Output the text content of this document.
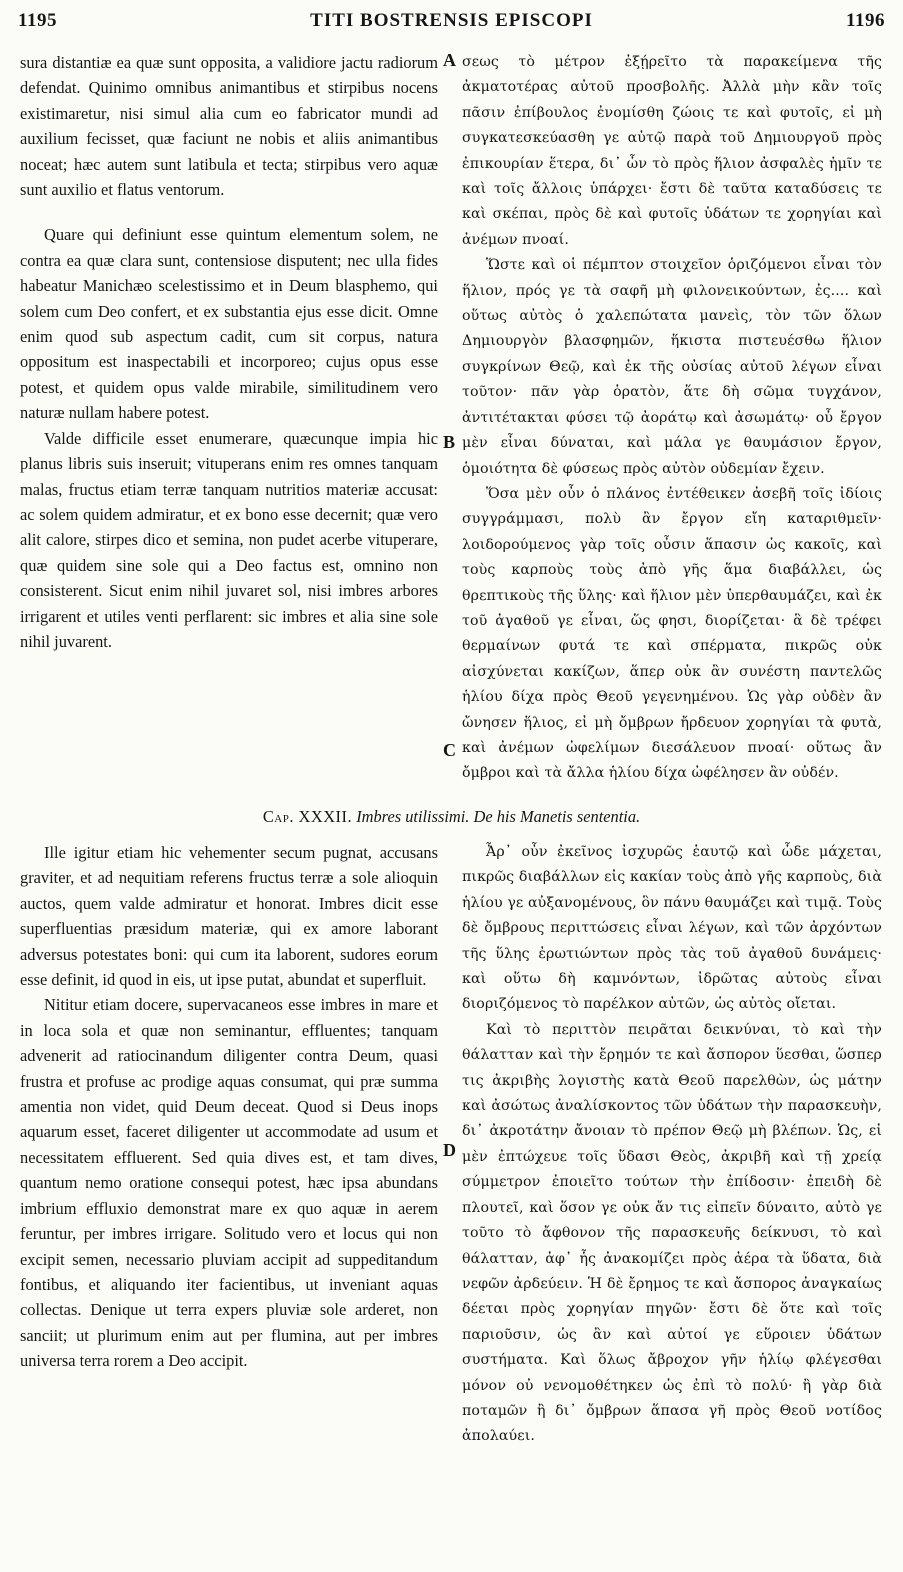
1195	TITI BOSTRENSIS EPISCOPI	1196
A
B
C
D

sura distantiæ ea quæ sunt opposita, a validiore jactu radiorum defendat. Quinimo omnibus animantibus et stirpibus nocens existimaretur, nisi simul alia cum eo fabricator mundi ad auxilium fecisset, quæ faciunt ne nobis et aliis animantibus noceat; hæc autem sunt latibula et tecta; stirpibus vero aquæ sunt auxilio et flatus ventorum.

Quare qui definiunt esse quintum elementum solem, ne contra ea quæ clara sunt, contensiose disputent; nec ulla fides habeatur Manichæo scelestissimo et in Deum blasphemo, qui solem cum Deo confert, et ex substantia ejus esse dicit. Omne enim quod sub aspectum cadit, cum sit corpus, natura oppositum est inaspectabili et incorporeo; cujus opus esse potest, et quidem opus valde mirabile, similitudinem vero naturæ nullam habere potest.

Valde difficile esset enumerare, quæcunque impia hic planus libris suis inseruit; vituperans enim res omnes tanquam malas, fructus etiam terræ tanquam nutritios materiæ accusat: ac solem quidem admiratur, et ex bono esse decernit; quæ vero alit calore, stirpes dico et semina, non pudet acerbe vituperare, quæ quidem sine sole qui a Deo factus est, omnino non consisterent. Sicut enim nihil juvaret sol, nisi imbres arbores irrigarent et utiles venti perflarent: sic imbres et alia sine sole nihil juvarent.

σεως τὸ μέτρον ἐξῄρεῖτο τὰ παρακείμενα τῆς ἀκματοτέρας αὐτοῦ προσβολῆς. Ἀλλὰ μὴν κἂν τοῖς πᾶσιν ἐπίβουλος ἐνομίσθη ζώοις τε καὶ φυτοῖς, εἰ μὴ συγκατεσκεύασθη γε αὐτῷ παρὰ τοῦ Δημιουργοῦ πρὸς ἐπικουρίαν ἕτερα, δι᾽ ὧν τὸ πρὸς ἥλιον ἀσφαλὲς ἡμῖν τε καὶ τοῖς ἄλλοις ὑπάρχει· ἔστι δὲ ταῦτα καταδύσεις τε καὶ σκέπαι, πρὸς δὲ καὶ φυτοῖς ὑδάτων τε χορηγίαι καὶ ἀνέμων πνοαί.

Ὥστε καὶ οἱ πέμπτον στοιχεῖον ὁριζόμενοι εἶναι τὸν ἥλιον, πρός γε τὰ σαφῆ μὴ φιλονεικούντων, ἐς.... καὶ οὕτως αὐτὸς ὁ χαλεπώτατα μανεὶς, τὸν τῶν ὅλων Δημιουργὸν βλασφημῶν, ἥκιστα πιστευέσθω ἥλιον συγκρίνων Θεῷ, καὶ ἐκ τῆς οὐσίας αὐτοῦ λέγων εἶναι τοῦτον· πᾶν γὰρ ὁρατὸν, ἅτε δὴ σῶμα τυγχάνον, ἀντιτέτακται φύσει τῷ ἀοράτῳ καὶ ἀσωμάτῳ· οὗ ἔργον μὲν εἶναι δύναται, καὶ μάλα γε θαυμάσιον ἔργον, ὁμοιότητα δὲ φύσεως πρὸς αὐτὸν οὐδεμίαν ἔχειν.

Ὅσα μὲν οὖν ὁ πλάνος ἐντέθεικεν ἀσεβῆ τοῖς ἰδίοις συγγράμμασι, πολὺ ἂν ἔργον εἴη καταριθμεῖν· λοιδορούμενος γὰρ τοῖς οὖσιν ἅπασιν ὡς κακοῖς, καὶ τοὺς καρποὺς τοὺς ἀπὸ γῆς ἅμα διαβάλλει, ὡς θρεπτικοὺς τῆς ὕλης· καὶ ἥλιον μὲν ὑπερθαυμάζει, καὶ ἐκ τοῦ ἀγαθοῦ γε εἶναι, ὥς φησι, διορίζεται· ἃ δὲ τρέφει θερμαίνων φυτά τε καὶ σπέρματα, πικρῶς οὐκ αἰσχύνεται κακίζων, ἅπερ οὐκ ἂν συνέστη παντελῶς ἡλίου δίχα πρὸς Θεοῦ γεγενημένου. Ὡς γὰρ οὐδὲν ἂν ὤνησεν ἥλιος, εἰ μὴ ὄμβρων ἤρδευον χορηγίαι τὰ φυτὰ, καὶ ἀνέμων ὠφελίμων διεσάλευον πνοαί· οὕτως ἂν ὄμβροι καὶ τὰ ἄλλα ἡλίου δίχα ὠφέλησεν ἂν οὐδέν.

Cap. XXXII. Imbres utilissimi. De his Manetis sententia.

Ille igitur etiam hic vehementer secum pugnat, accusans graviter, et ad nequitiam referens fructus terræ a sole alioquin auctos, quem valde admiratur et honorat. Imbres dicit esse superfluentias præsidum materiæ, qui ex amore laborant adversus potestates boni: qui cum ita laborent, sudores eorum esse definit, id quod in eis, ut ipse putat, abundat et superfluit.

Nititur etiam docere, supervacaneos esse imbres in mare et in loca sola et quæ non seminantur, effluentes; tanquam advenerit ad ratiocinandum diligenter contra Deum, quasi frustra et profuse ac prodige aquas consumat, qui præ summa amentia non videt, quid Deum deceat. Quod si Deus inops aquarum esset, faceret diligenter ut accommodate ad usum et necessitatem effluerent. Sed quia dives est, et tam dives, quantum nemo oratione consequi potest, hæc ipsa abundans imbrium effluxio demonstrat mare ex quo aquæ in aerem feruntur, per imbres irrigare. Solitudo vero et locus qui non excipit semen, necessario pluviam accipit ad suppeditandum fontibus, et aliquando iter facientibus, ut inveniant aquas collectas. Denique ut terra expers pluviæ sole arderet, non sanciit; ut plurimum enim aut per flumina, aut per imbres universa terra rorem a Deo accipit.

Ἆρ᾽ οὖν ἐκεῖνος ἰσχυρῶς ἑαυτῷ καὶ ὧδε μάχεται, πικρῶς διαβάλλων εἰς κακίαν τοὺς ἀπὸ γῆς καρποὺς, διὰ ἡλίου γε αὐξανομένους, ὃν πάνυ θαυμάζει καὶ τιμᾷ. Τοὺς δὲ ὄμβρους περιττώσεις εἶναι λέγων, καὶ τῶν ἀρχόντων τῆς ὕλης ἐρωτιώντων πρὸς τὰς τοῦ ἀγαθοῦ δυνάμεις· καὶ οὕτω δὴ καμνόντων, ἱδρῶτας αὐτοὺς εἶναι διοριζόμενος τὸ παρέλκον αὐτῶν, ὡς αὐτὸς οἴεται.

Καὶ τὸ περιττὸν πειρᾶται δεικνύναι, τὸ καὶ τὴν θάλατταν καὶ τὴν ἔρημόν τε καὶ ἄσπορον ὕεσθαι, ὥσπερ τις ἀκριβὴς λογιστὴς κατὰ Θεοῦ παρελθὼν, ὡς μάτην καὶ ἀσώτως ἀναλίσκοντος τῶν ὑδάτων τὴν παρασκευὴν, δι᾽ ἀκροτάτην ἄνοιαν τὸ πρέπον Θεῷ μὴ βλέπων. Ὡς, εἰ μὲν ἐπτώχευε τοῖς ὕδασι Θεὸς, ἀκριβῆ καὶ τῇ χρείᾳ σύμμετρον ἐποιεῖτο τούτων τὴν ἐπίδοσιν· ἐπειδὴ δὲ πλουτεῖ, καὶ ὅσον γε οὐκ ἄν τις εἰπεῖν δύναιτο, αὐτὸ γε τοῦτο τὸ ἄφθονον τῆς παρασκευῆς δείκνυσι, τὸ καὶ θάλατταν, ἀφ᾽ ἧς ἀνακομίζει πρὸς ἀέρα τὰ ὕδατα, διὰ νεφῶν ἀρδεύειν. Ἡ δὲ ἔρημος τε καὶ ἄσπορος ἀναγκαίως δέεται πρὸς χορηγίαν πηγῶν· ἔστι δὲ ὅτε καὶ τοῖς παριοῦσιν, ὡς ἂν καὶ αὐτοί γε εὕροιεν ὑδάτων συστήματα. Καὶ ὅλως ἄβροχον γῆν ἡλίῳ φλέγεσθαι μόνον οὐ νενομοθέτηκεν ὡς ἐπὶ τὸ πολύ· ἢ γὰρ διὰ ποταμῶν ἢ δι᾽ ὄμβρων ἅπασα γῆ πρὸς Θεοῦ νοτίδος ἀπολαύει.
